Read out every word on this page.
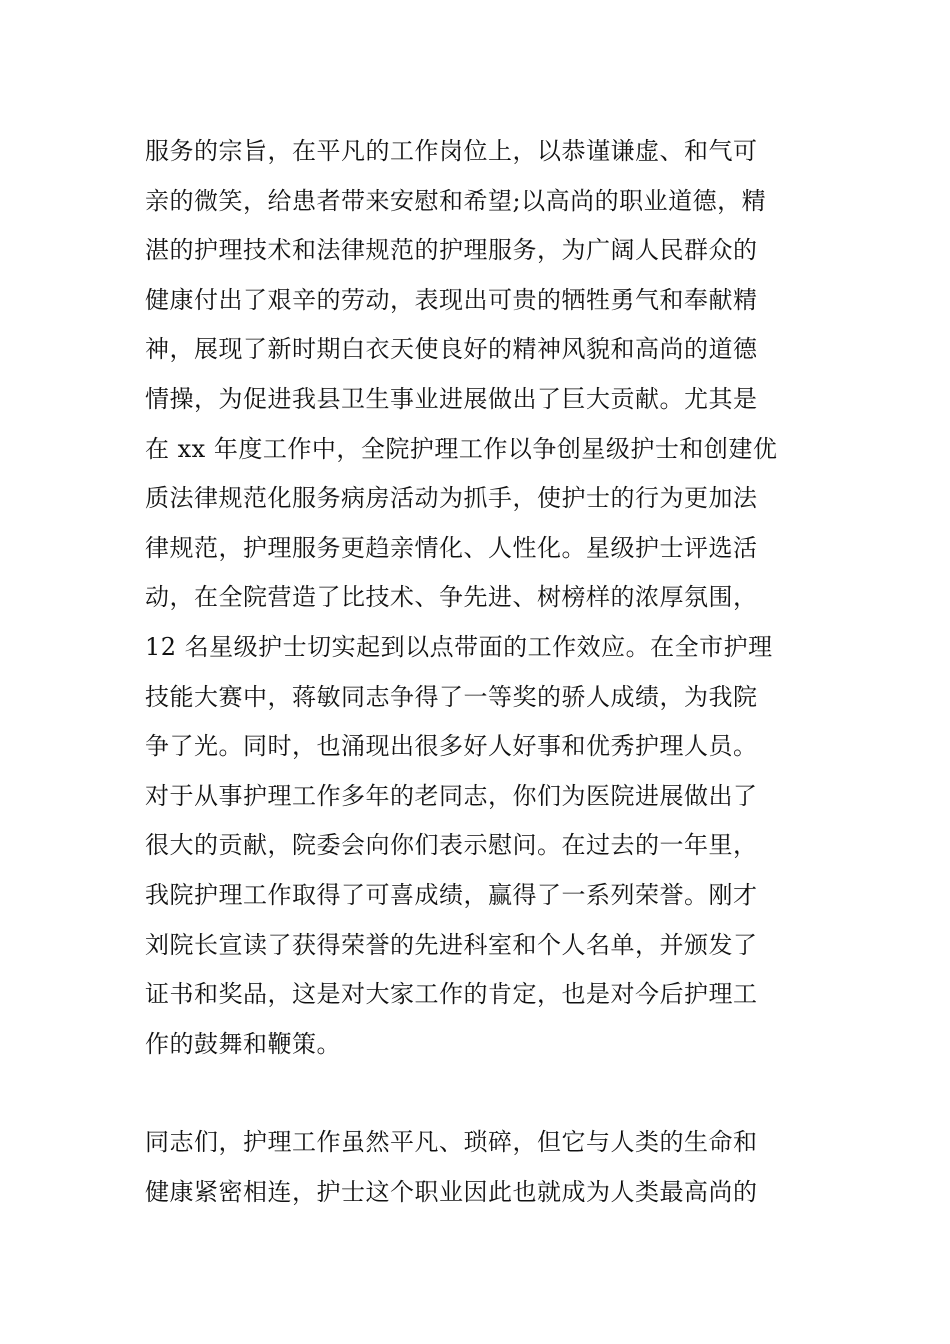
服务的宗旨，在平凡的工作岗位上，以恭谨谦虚、和气可
亲的微笑，给患者带来安慰和希望;以高尚的职业道德，精
湛的护理技术和法律规范的护理服务，为广阔人民群众的
健康付出了艰辛的劳动，表现出可贵的牺牲勇气和奉献精
神，展现了新时期白衣天使良好的精神风貌和高尚的道德
情操，为促进我县卫生事业进展做出了巨大贡献。尤其是
在 xx 年度工作中，全院护理工作以争创星级护士和创建优
质法律规范化服务病房活动为抓手，使护士的行为更加法
律规范，护理服务更趋亲情化、人性化。星级护士评选活
动，在全院营造了比技术、争先进、树榜样的浓厚氛围，
12 名星级护士切实起到以点带面的工作效应。在全市护理
技能大赛中，蒋敏同志争得了一等奖的骄人成绩，为我院
争了光。同时，也涌现出很多好人好事和优秀护理人员。
对于从事护理工作多年的老同志，你们为医院进展做出了
很大的贡献，院委会向你们表示慰问。在过去的一年里，
我院护理工作取得了可喜成绩，赢得了一系列荣誉。刚才
刘院长宣读了获得荣誉的先进科室和个人名单，并颁发了
证书和奖品，这是对大家工作的肯定，也是对今后护理工
作的鼓舞和鞭策。
同志们，护理工作虽然平凡、琐碎，但它与人类的生命和
健康紧密相连，护士这个职业因此也就成为人类最高尚的
